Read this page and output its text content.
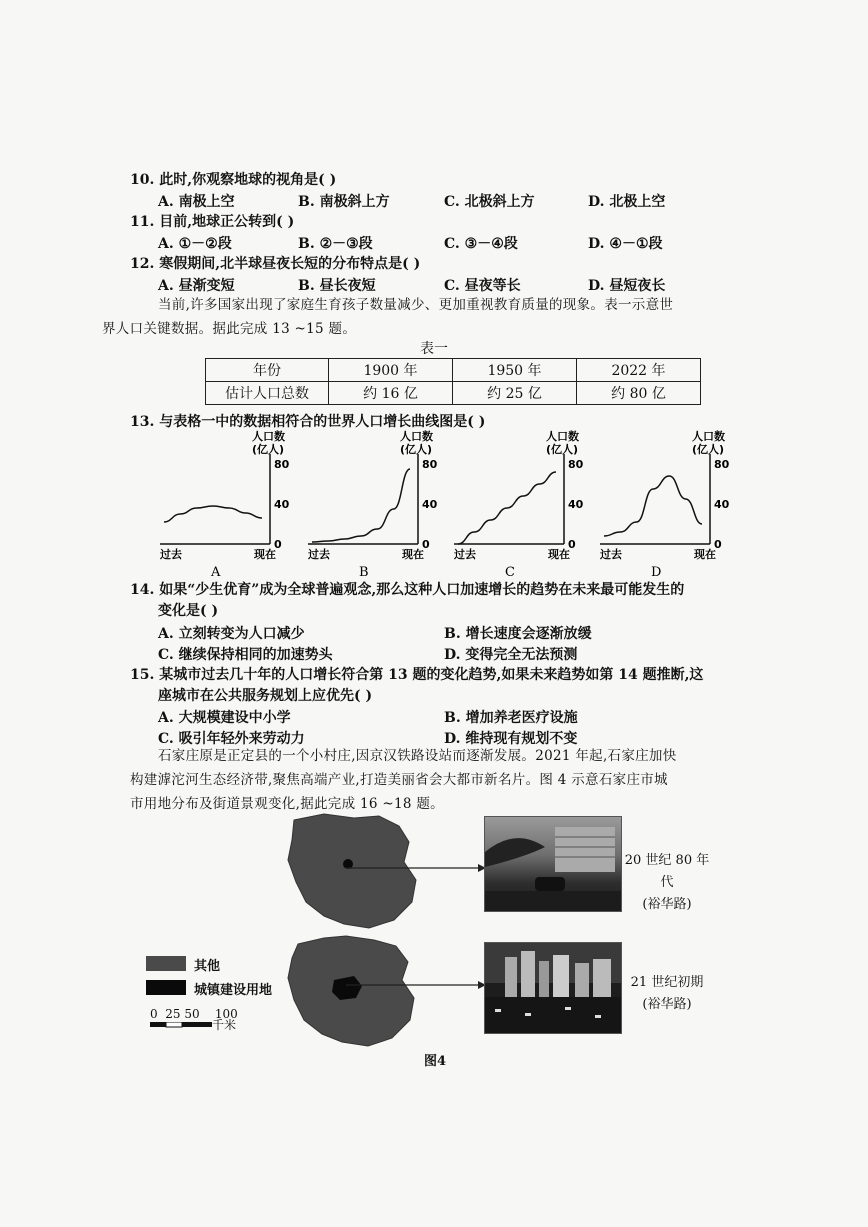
10. 此时,你观察地球的视角是( )
A. 南极上空	B. 南极斜上方	C. 北极斜上方	D. 北极上空
11. 目前,地球正公转到( )
A. ①－②段	B. ②－③段	C. ③－④段	D. ④－①段
12. 寒假期间,北半球昼夜长短的分布特点是( )
A. 昼渐变短	B. 昼长夜短	C. 昼夜等长	D. 昼短夜长
当前,许多国家出现了家庭生育孩子数量减少、更加重视教育质量的现象。表一示意世
界人口关键数据。据此完成 13 ~15 题。
表一
年份	1900 年	1950 年	2022 年
估计人口总数	约 16 亿	约 25 亿	约 80 亿
13. 与表格一中的数据相符合的世界人口增长曲线图是( )
80
40
0
人口数
(亿人)
过去	现在
A
80
40
0
人口数
(亿人)
过去	现在
B
80
40
0
人口数
(亿人)
过去	现在
C
80
40
0
人口数
(亿人)
过去	现在
D
14. 如果“少生优育”成为全球普遍观念,那么这种人口加速增长的趋势在未来最可能发生的
变化是( )
A. 立刻转变为人口减少	B. 增长速度会逐渐放缓
C. 继续保持相同的加速势头	D. 变得完全无法预测
15. 某城市过去几十年的人口增长符合第 13 题的变化趋势,如果未来趋势如第 14 题推断,这
座城市在公共服务规划上应优先( )
A. 大规模建设中小学	B. 增加养老医疗设施
C. 吸引年轻外来劳动力	D. 维持现有规划不变
石家庄原是正定县的一个小村庄,因京汉铁路设站而逐渐发展。2021 年起,石家庄加快
构建滹沱河生态经济带,聚焦高端产业,打造美丽省会大都市新名片。图 4 示意石家庄市城
市用地分布及街道景观变化,据此完成 16 ~18 题。
20 世纪 80 年代
(裕华路)
21 世纪初期
(裕华路)
其他
城镇建设用地
0  25 50    100
千米
图4
